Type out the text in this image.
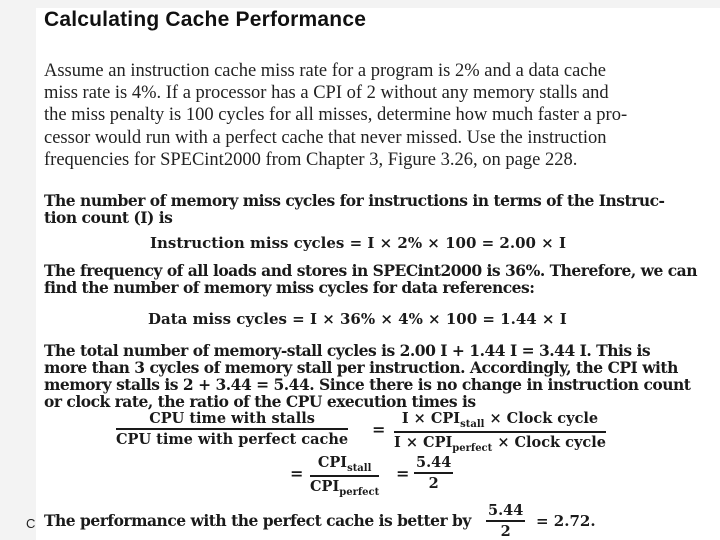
C
Calculating Cache Performance
Assume an instruction cache miss rate for a program is 2% and a data cache
miss rate is 4%. If a processor has a CPI of 2 without any memory stalls and
the miss penalty is 100 cycles for all misses, determine how much faster a pro-
cessor would run with a perfect cache that never missed. Use the instruction
frequencies for SPECint2000 from Chapter 3, Figure 3.26, on page 228.
The number of memory miss cycles for instructions in terms of the Instruc-
tion count (I) is
Instruction miss cycles = I × 2% × 100 = 2.00 × I
The frequency of all loads and stores in SPECint2000 is 36%. Therefore, we can
find the number of memory miss cycles for data references:
Data miss cycles = I × 36% × 4% × 100 = 1.44 × I
The total number of memory-stall cycles is 2.00 I + 1.44 I = 3.44 I. This is
more than 3 cycles of memory stall per instruction. Accordingly, the CPI with
memory stalls is 2 + 3.44 = 5.44. Since there is no change in instruction count
or clock rate, the ratio of the CPU execution times is
CPU time with stalls
CPU time with perfect cache
=
$I \times CPI_{stall}$ × Clock cycle
$I \times CPI_{perfect}$ × Clock cycle
=
$CPI_{stall}$
$CPI_{perfect}$
=
5.44
2
The performance with the perfect cache is better by
5.44
2
= 2.72.
